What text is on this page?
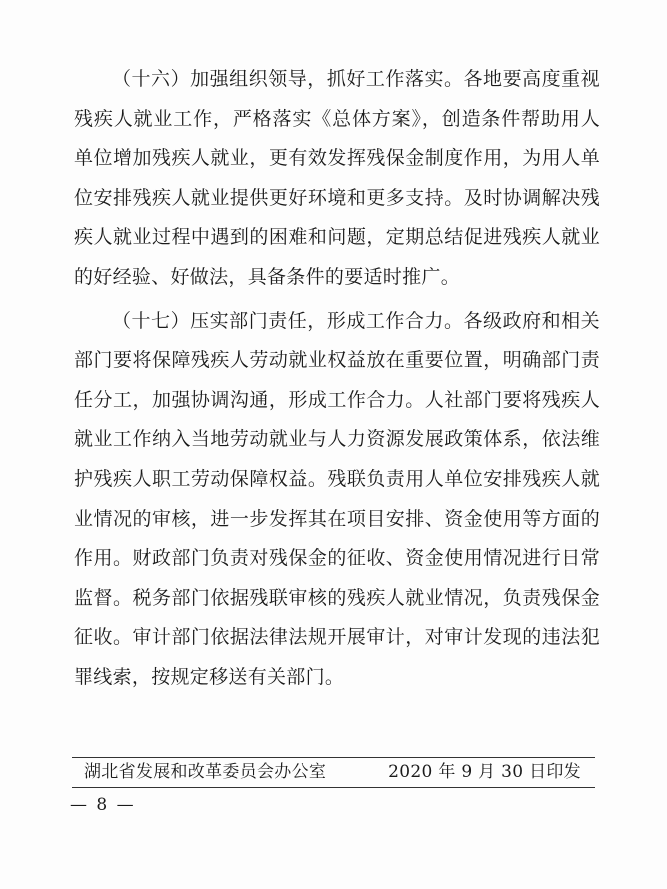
（十六）加强组织领导，抓好工作落实。各地要高度重视残疾人就业工作，严格落实《总体方案》，创造条件帮助用人单位增加残疾人就业，更有效发挥残保金制度作用，为用人单位安排残疾人就业提供更好环境和更多支持。及时协调解决残疾人就业过程中遇到的困难和问题，定期总结促进残疾人就业的好经验、好做法，具备条件的要适时推广。

（十七）压实部门责任，形成工作合力。各级政府和相关部门要将保障残疾人劳动就业权益放在重要位置，明确部门责任分工，加强协调沟通，形成工作合力。人社部门要将残疾人就业工作纳入当地劳动就业与人力资源发展政策体系，依法维护残疾人职工劳动保障权益。残联负责用人单位安排残疾人就业情况的审核，进一步发挥其在项目安排、资金使用等方面的作用。财政部门负责对残保金的征收、资金使用情况进行日常监督。税务部门依据残联审核的残疾人就业情况，负责残保金征收。审计部门依据法律法规开展审计，对审计发现的违法犯罪线索，按规定移送有关部门。

湖北省发展和改革委员会办公室	2020 年 9 月 30 日印发
— 8 —
